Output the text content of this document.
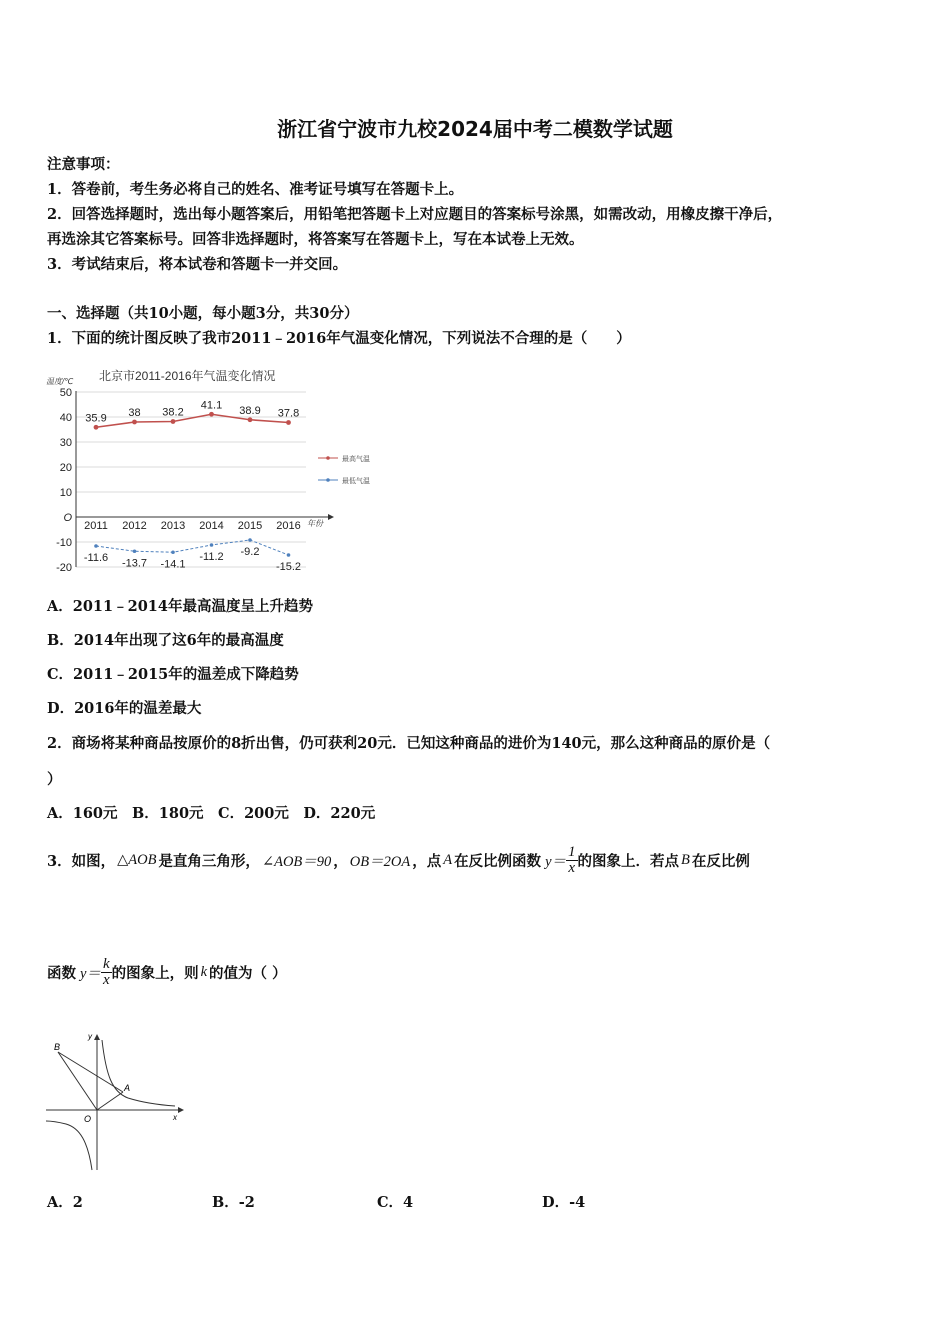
浙江省宁波市九校2024届中考二模数学试题
注意事项：
1．答卷前，考生务必将自己的姓名、准考证号填写在答题卡上。
2．回答选择题时，选出每小题答案后，用铅笔把答题卡上对应题目的答案标号涂黑，如需改动，用橡皮擦干净后，
再选涂其它答案标号。回答非选择题时，将答案写在答题卡上，写在本试卷上无效。
3．考试结束后，将本试卷和答题卡一并交回。
一、选择题（共10小题，每小题3分，共30分）
1．下面的统计图反映了我市2011﹣2016年气温变化情况，下列说法不合理的是（　　）
北京市2011-2016年气温变化情况
温度/℃
年份
2011 2012 2013 2014 2015 2016
50
40
30
20
10
O
-10
-20
35.9 38 38.2
41.1 38.9 37.8
-11.6 -13.7 -14.1
-11.2 -9.2
-15.2
最高气温
最低气温
A．2011﹣2014年最高温度呈上升趋势
B．2014年出现了这6年的最高温度
C．2011﹣2015年的温差成下降趋势
D．2016年的温差最大
2．商场将某种商品按原价的8折出售，仍可获利20元．已知这种商品的进价为140元，那么这种商品的原价是（
）
A．160元　B．180元　C．200元　D．220元
3．如图， △AOB 是直角三角形， ∠AOB＝90 ， OB＝2OA ，点 A 在反比例函数 $y= \frac{1}{x}$ 的图象上．若点 B 在反比例
函数 $y= \frac{k}{x}$ 的图象上，则 k 的值为（ ）
B
A
O	x
y
A．2	B．-2	C．4	D．-4
